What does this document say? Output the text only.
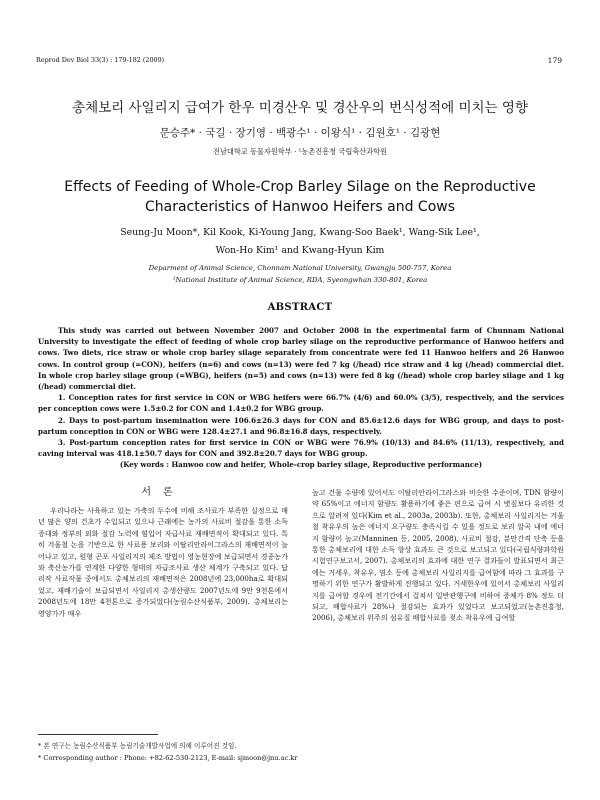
Reprod Dev Biol 33(3) : 179-182 (2009)	179
총체보리 사일리지 급여가 한우 미경산우 및 경산우의 번식성적에 미치는 영향
문승주* · 국길 · 장기영 · 백광수¹ · 이왕식¹ · 김원호¹ · 김광현
전남대학교 동물자원학부 · ¹농촌진흥청 국립축산과학원
Effects of Feeding of Whole-Crop Barley Silage on the Reproductive
Characteristics of Hanwoo Heifers and Cows
Seung-Ju Moon*, Kil Kook, Ki-Young Jang, Kwang-Soo Baek¹, Wang-Sik Lee¹,
Won-Ho Kim¹ and Kwang-Hyun Kim
Deparment of Animal Science, Chonnam National University, Gwangju 500-757, Korea
¹National Institute of Animal Science, RDA, Syeongwhan 330-801, Korea
ABSTRACT

This study was carried out between November 2007 and October 2008 in the experimental farm of Chunnam National University to investigate the effect of feeding of whole crop barley silage on the reproductive performance of Hanwoo heifers and cows. Two diets, rice straw or whole crop barley silage separately from concentrate were fed 11 Hanwoo heifers and 26 Hanwoo cows. In control group (=CON), heifers (n=6) and cows (n=13) were fed 7 kg (/head) rice straw and 4 kg (/head) commercial diet. In whole crop barley silage group (=WBG), heifers (n=5) and cows (n=13) were fed 8 kg (/head) whole crop barley silage and 1 kg (/head) commercial diet.

1. Conception rates for first service in CON or WBG heifers were 66.7% (4/6) and 60.0% (3/5), respectively, and the services per conception cows were 1.5±0.2 for CON and 1.4±0.2 for WBG group.

2. Days to post-partum insemination were 106.6±26.3 days for CON and 85.6±12.6 days for WBG group, and days to post-partum conception in CON or WBG were 128.4±27.1 and 96.8±16.8 days, respectively.

3. Post-partum conception rates for first service in CON or WBG were 76.9% (10/13) and 84.6% (11/13), respectively, and caving interval was 418.1±50.7 days for CON and 392.8±20.7 days for WBG group.

(Key words : Hanwoo cow and heifer, Whole-crop barley silage, Reproductive performance)

서론

우리나라는 사육하고 있는 가축의 두수에 비해 조사료가 부족한 실정으로 매년 많은 양의 건초가 수입되고 있으나 근래에는 농가의 사료비 절감을 통한 소득 증대와 정부의 외화 절감 노력에 힘입어 자급사료 재배면적이 확대되고 있다. 특히 겨울철 논을 기반으로 한 사료용 보리와 이탈리안라이그라스의 재배면적이 늘어나고 있고, 원형 곤포 사일리지의 제조 방법이 영농현장에 보급되면서 경종농가와 축산농가를 연계한 다양한 형태의 자급조사료 생산 체계가 구축되고 있다. 답리작 사료작물 중에서도 총체보리의 재배면적은 2008년에 23,000ha로 확대되었고, 재배기술이 보급되면서 사일리지 총생산량도 2007년도에 9만 9천톤에서 2008년도에 18만 4천톤으로 증가되었다(농림수산식품부, 2009). 총체보리는 영양가가 매우

높고 건물 수량에 있어서도 이탈리안라이그라스와 비슷한 수준이며, TDN 함량이 약 65%이고 에너지 함량도 활용하기에 좋은 편으로 급여 시 볏짚보다 유리한 것으로 알려져 있다(Kim et al., 2003a, 2003b). 또한, 총체보리 사일리지는 겨울철 착유우의 높은 에너지 요구량도 충족시킬 수 있을 정도로 보리 알곡 내에 에너지 함량이 높고(Manninen 등, 2005, 2008), 사료비 절감, 분만간격 단축 등을 통한 총체보리에 대한 소득 향상 효과도 큰 것으로 보고되고 있다(국립식량과학원 시험연구보고서, 2007). 총체보리의 효과에 대한 연구 결과들이 발표되면서 최근에는 거세우, 착유우, 염소 등에 총체보리 사일리지를 급여함에 따라 그 효과를 구명하기 위한 연구가 활발하게 진행되고 있다. 거세한우에 있어서 총체보리 사일리지를 급여할 경우에 전기간에서 걸쳐서 일반관행구에 비하여 증체가 8% 정도 더 되고, 배합사료가 28%나 절감되는 효과가 있었다고 보고되었고(농촌진흥청, 2006), 총체보리 위주의 섬유질 배합사료를 젖소 착유우에 급여할

* 본 연구는 농림수산식품부 농림기술개발사업에 의해 이루어진 것임.
* Corresponding author : Phone: +82-62-530-2123, E-mail: sjmoon@jnu.ac.kr
